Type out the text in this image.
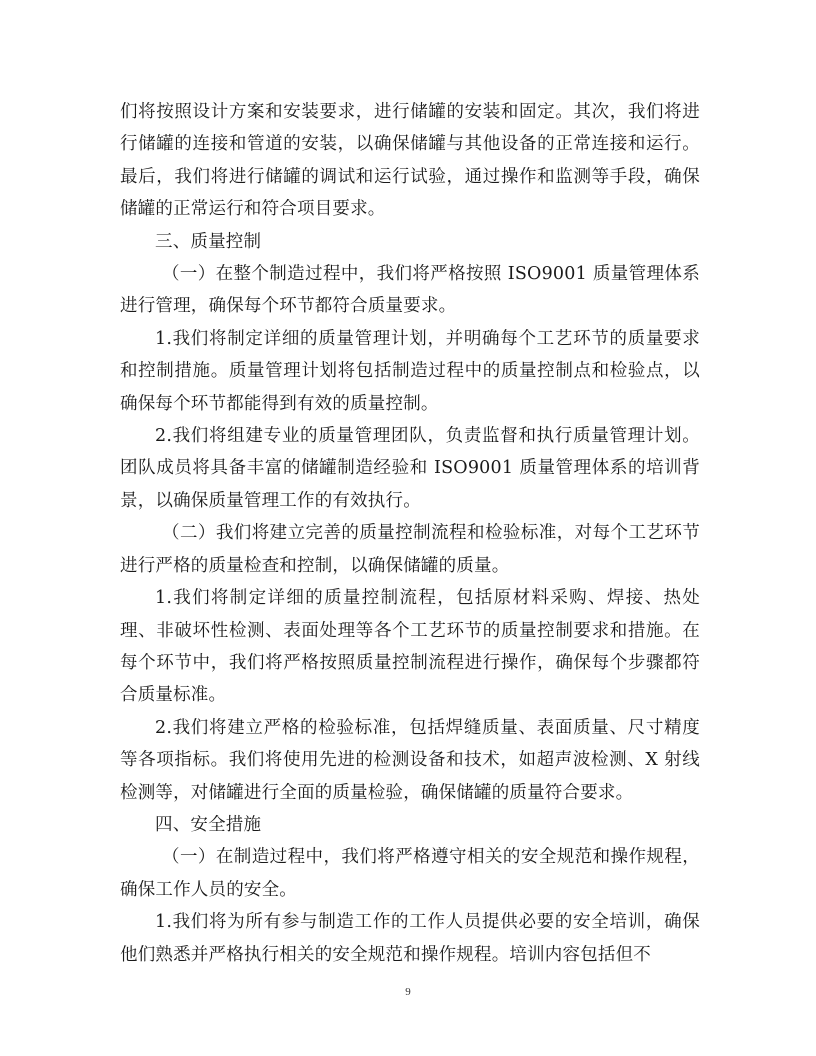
们将按照设计方案和安装要求，进行储罐的安装和固定。其次，我们将进行储罐的连接和管道的安装，以确保储罐与其他设备的正常连接和运行。最后，我们将进行储罐的调试和运行试验，通过操作和监测等手段，确保储罐的正常运行和符合项目要求。

三、质量控制

（一）在整个制造过程中，我们将严格按照 ISO9001 质量管理体系进行管理，确保每个环节都符合质量要求。

1.我们将制定详细的质量管理计划，并明确每个工艺环节的质量要求和控制措施。质量管理计划将包括制造过程中的质量控制点和检验点，以确保每个环节都能得到有效的质量控制。

2.我们将组建专业的质量管理团队，负责监督和执行质量管理计划。团队成员将具备丰富的储罐制造经验和 ISO9001 质量管理体系的培训背景，以确保质量管理工作的有效执行。

（二）我们将建立完善的质量控制流程和检验标准，对每个工艺环节进行严格的质量检查和控制，以确保储罐的质量。

1.我们将制定详细的质量控制流程，包括原材料采购、焊接、热处理、非破坏性检测、表面处理等各个工艺环节的质量控制要求和措施。在每个环节中，我们将严格按照质量控制流程进行操作，确保每个步骤都符合质量标准。

2.我们将建立严格的检验标准，包括焊缝质量、表面质量、尺寸精度等各项指标。我们将使用先进的检测设备和技术，如超声波检测、X 射线检测等，对储罐进行全面的质量检验，确保储罐的质量符合要求。

四、安全措施

（一）在制造过程中，我们将严格遵守相关的安全规范和操作规程，确保工作人员的安全。

1.我们将为所有参与制造工作的工作人员提供必要的安全培训，确保他们熟悉并严格执行相关的安全规范和操作规程。培训内容包括但不

9
